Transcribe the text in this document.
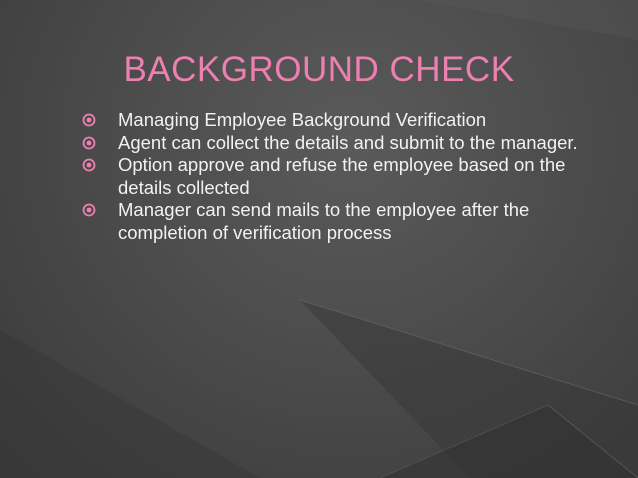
BACKGROUND CHECK
Managing Employee Background Verification
Agent can collect the details and submit to the manager.
Option approve and refuse the employee based on the details collected
Manager can send mails to the employee after the completion of verification process
